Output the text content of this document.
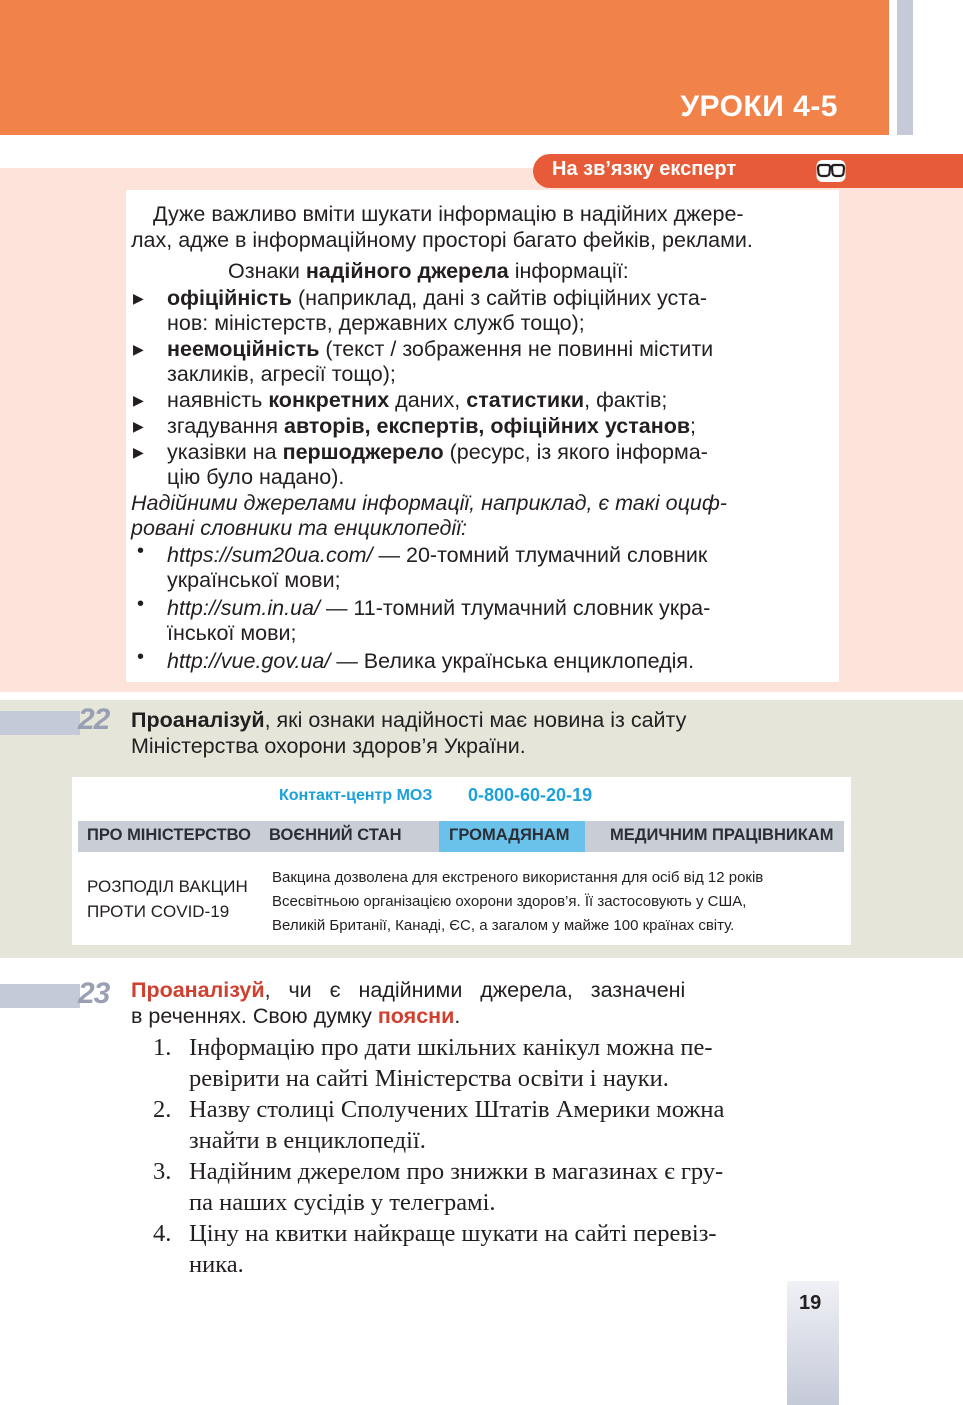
УРОКИ 4-5
На зв’язку експерт
Дуже важливо вміти шукати інформацію в надійних джере-
лах, адже в інформаційному просторі багато фейків, реклами.
Ознаки надійного джерела інформації:
▶ офіційність (наприклад, дані з сайтів офіційних уста-
нов: міністерств, державних служб тощо);
▶ неемоційність (текст / зображення не повинні містити
закликів, агресії тощо);
▶ наявність конкретних даних, статистики, фактів;
▶ згадування авторів, експертів, офіційних установ;
▶ указівки на першоджерело (ресурс, із якого інформа-
цію було надано).
Надійними джерелами інформації, наприклад, є такі оциф-
ровані словники та енциклопедії:
• https://sum20ua.com/ — 20-томний тлумачний словник
української мови;
• http://sum.in.ua/ — 11-томний тлумачний словник укра-
їнської мови;
• http://vue.gov.ua/ — Велика українська енциклопедія.
22 Проаналізуй, які ознаки надійності має новина із сайту
Міністерства охорони здоров’я України.
Контакт-центр МОЗ 0-800-60-20-19
ПРО МІНІСТЕРСТВО ВОЄННИЙ СТАН	ГРОМАДЯНАМ МЕДИЧНИМ ПРАЦІВНИКАМ
РОЗПОДІЛ ВАКЦИН
ПРОТИ COVID-19
Вакцина дозволена для екстреного використання для осіб від 12 років
Всесвітньою організацією охорони здоров’я. Її застосовують у США,
Великій Британії, Канаді, ЄС, а загалом у майже 100 країнах світу.
23 Проаналізуй,   чи   є   надійними   джерела,   зазначені
в реченнях. Свою думку поясни.
1. Інформацію про дати шкільних канікул можна пе-
ревірити на сайті Міністерства освіти і науки.
2. Назву столиці Сполучених Штатів Америки можна
знайти в енциклопедії.
3. Надійним джерелом про знижки в магазинах є гру-
па наших сусідів у телеграмі.
4. Ціну на квитки найкраще шукати на сайті перевіз-
ника.
19
